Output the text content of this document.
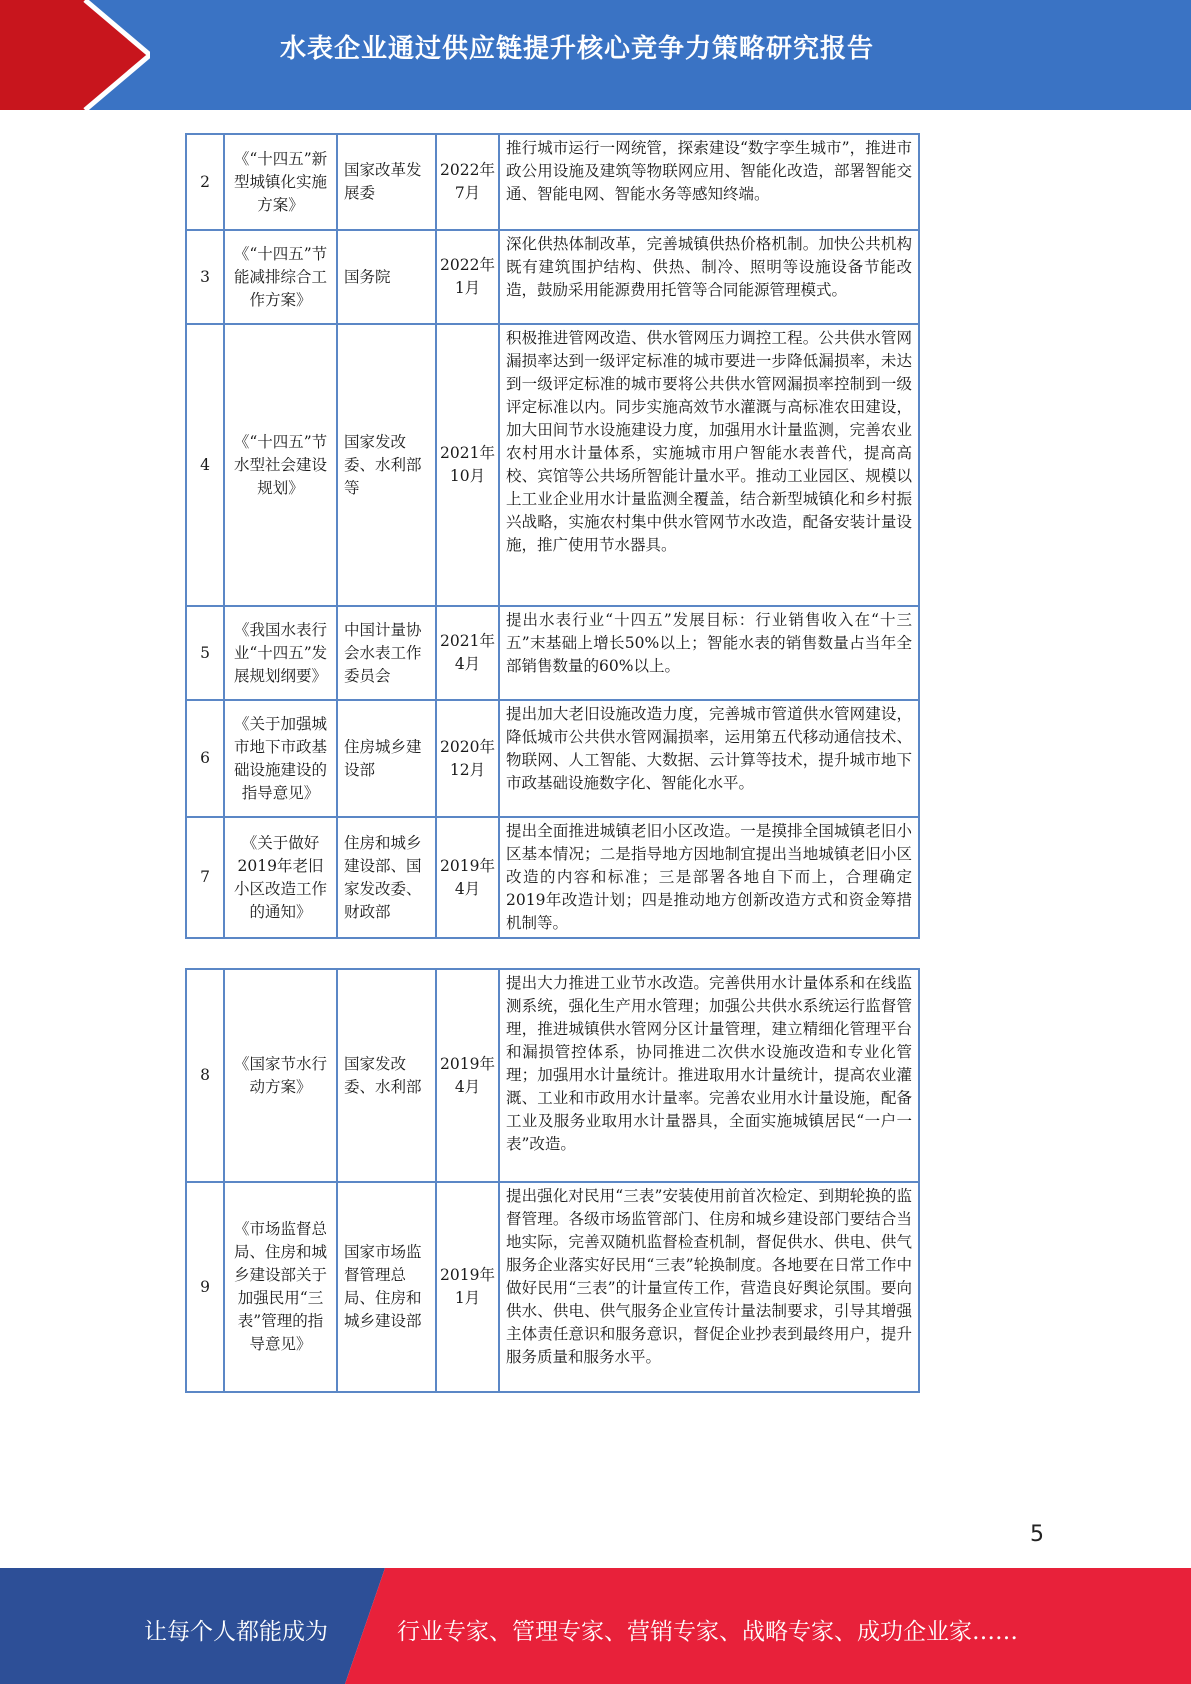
水表企业通过供应链提升核心竞争力策略研究报告
2	《“十四五”新型城镇化实施方案》	国家改革发展委	2022年7月	推行城市运行一网统管，探索建设“数字孪生城市”，推进市政公用设施及建筑等物联网应用、智能化改造，部署智能交通、智能电网、智能水务等感知终端。
3	《“十四五”节能减排综合工作方案》	国务院	2022年1月	深化供热体制改革，完善城镇供热价格机制。加快公共机构既有建筑围护结构、供热、制冷、照明等设施设备节能改造，鼓励采用能源费用托管等合同能源管理模式。
4	《“十四五”节水型社会建设规划》	国家发改委、水利部等	2021年10月	积极推进管网改造、供水管网压力调控工程。公共供水管网漏损率达到一级评定标准的城市要进一步降低漏损率，未达到一级评定标准的城市要将公共供水管网漏损率控制到一级评定标准以内。同步实施高效节水灌溉与高标准农田建设，加大田间节水设施建设力度，加强用水计量监测，完善农业农村用水计量体系，实施城市用户智能水表普代，提高高校、宾馆等公共场所智能计量水平。推动工业园区、规模以上工业企业用水计量监测全覆盖，结合新型城镇化和乡村振兴战略，实施农村集中供水管网节水改造，配备安装计量设施，推广使用节水器具。
5	《我国水表行业“十四五”发展规划纲要》	中国计量协会水表工作委员会	2021年4月	提出水表行业“十四五”发展目标：行业销售收入在“十三五”末基础上增长50%以上；智能水表的销售数量占当年全部销售数量的60%以上。
6	《关于加强城市地下市政基础设施建设的指导意见》	住房城乡建设部	2020年12月	提出加大老旧设施改造力度，完善城市管道供水管网建设，降低城市公共供水管网漏损率，运用第五代移动通信技术、物联网、人工智能、大数据、云计算等技术，提升城市地下市政基础设施数字化、智能化水平。
7	《关于做好2019年老旧小区改造工作的通知》	住房和城乡建设部、国家发改委、财政部	2019年4月	提出全面推进城镇老旧小区改造。一是摸排全国城镇老旧小区基本情况；二是指导地方因地制宜提出当地城镇老旧小区改造的内容和标准；三是部署各地自下而上，合理确定2019年改造计划；四是推动地方创新改造方式和资金筹措机制等。
8	《国家节水行动方案》	国家发改委、水利部	2019年4月	提出大力推进工业节水改造。完善供用水计量体系和在线监测系统，强化生产用水管理；加强公共供水系统运行监督管理，推进城镇供水管网分区计量管理，建立精细化管理平台和漏损管控体系，协同推进二次供水设施改造和专业化管理；加强用水计量统计。推进取用水计量统计，提高农业灌溉、工业和市政用水计量率。完善农业用水计量设施，配备工业及服务业取用水计量器具，全面实施城镇居民“一户一表”改造。
9	《市场监督总局、住房和城乡建设部关于加强民用“三表”管理的指导意见》	国家市场监督管理总局、住房和城乡建设部	2019年1月	提出强化对民用“三表”安装使用前首次检定、到期轮换的监督管理。各级市场监管部门、住房和城乡建设部门要结合当地实际，完善双随机监督检查机制，督促供水、供电、供气服务企业落实好民用“三表”轮换制度。各地要在日常工作中做好民用“三表”的计量宣传工作，营造良好舆论氛围。要向供水、供电、供气服务企业宣传计量法制要求，引导其增强主体责任意识和服务意识，督促企业抄表到最终用户，提升服务质量和服务水平。
5
让每个人都能成为	行业专家、管理专家、营销专家、战略专家、成功企业家……
